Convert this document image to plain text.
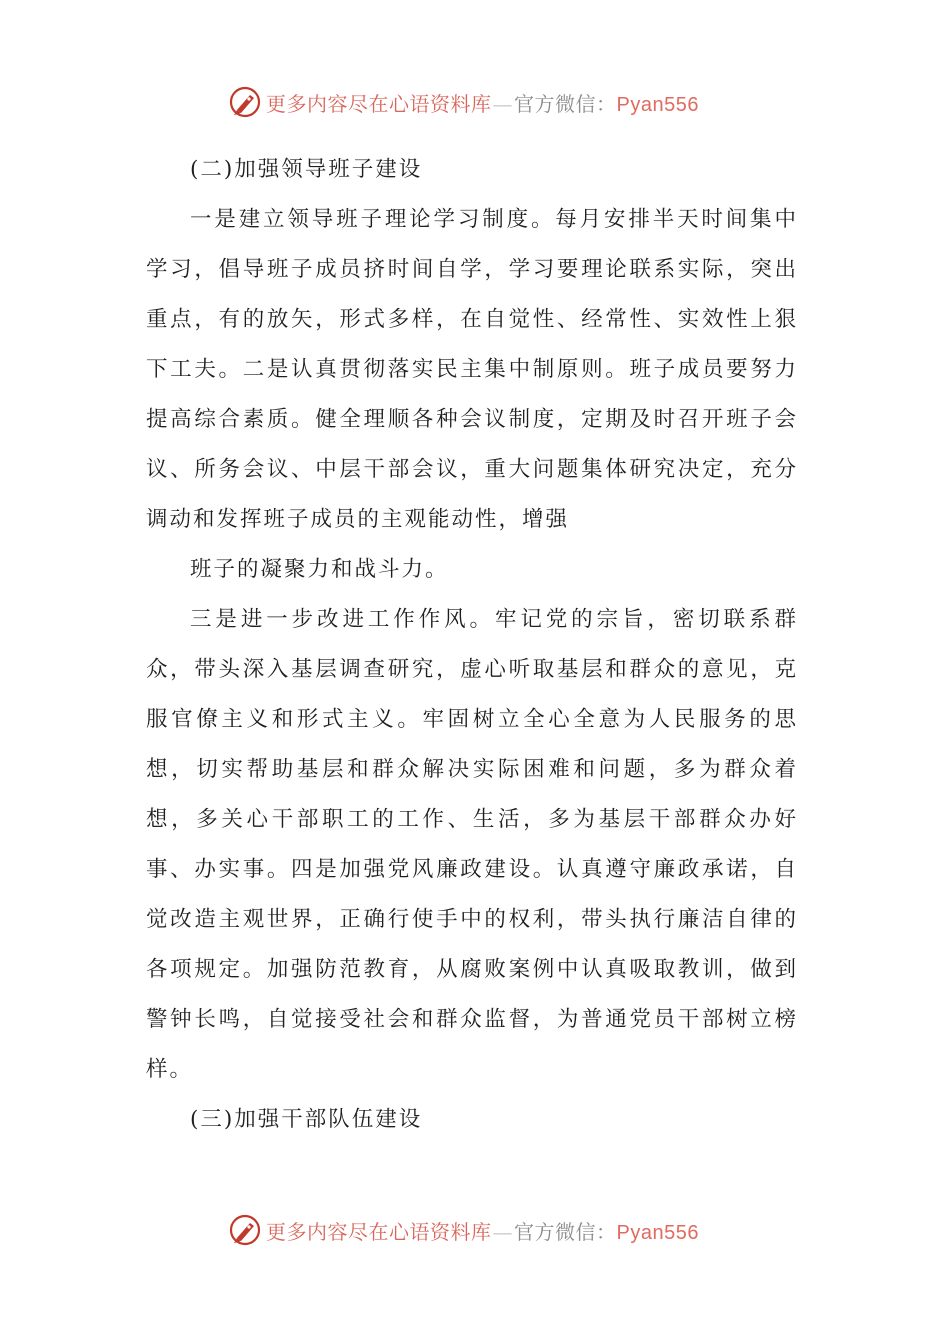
更多内容尽在心语资料库—官方微信：Pyan556

(二)加强领导班子建设

一是建立领导班子理论学习制度。每月安排半天时间集中学习，倡导班子成员挤时间自学，学习要理论联系实际，突出重点，有的放矢，形式多样，在自觉性、经常性、实效性上狠下工夫。二是认真贯彻落实民主集中制原则。班子成员要努力提高综合素质。健全理顺各种会议制度，定期及时召开班子会议、所务会议、中层干部会议，重大问题集体研究决定，充分调动和发挥班子成员的主观能动性，增强

班子的凝聚力和战斗力。

三是进一步改进工作作风。牢记党的宗旨，密切联系群众，带头深入基层调查研究，虚心听取基层和群众的意见，克服官僚主义和形式主义。牢固树立全心全意为人民服务的思想，切实帮助基层和群众解决实际困难和问题，多为群众着想，多关心干部职工的工作、生活，多为基层干部群众办好事、办实事。四是加强党风廉政建设。认真遵守廉政承诺，自觉改造主观世界，正确行使手中的权利，带头执行廉洁自律的各项规定。加强防范教育，从腐败案例中认真吸取教训，做到警钟长鸣，自觉接受社会和群众监督，为普通党员干部树立榜样。

(三)加强干部队伍建设

更多内容尽在心语资料库—官方微信：Pyan556
